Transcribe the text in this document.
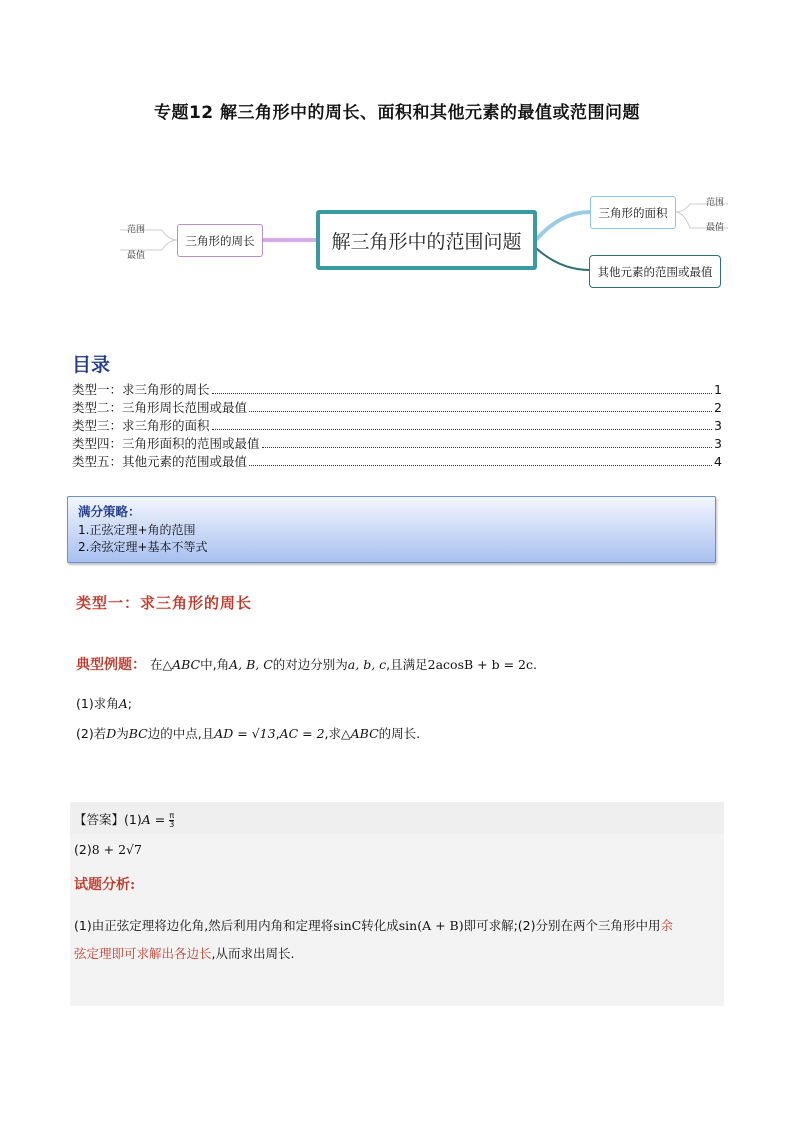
专题12 解三角形中的周长、面积和其他元素的最值或范围问题
范围
最值
三角形的周长	解三角形中的范围问题
三角形的面积
范围
最值
其他元素的范围或最值
目录
类型一：求三角形的周长	1
类型二：三角形周长范围或最值	2
类型三：求三角形的面积	3
类型四：三角形面积的范围或最值	3
类型五：其他元素的范围或最值	4
满分策略：
1.正弦定理+角的范围
2.余弦定理+基本不等式
类型一：求三角形的周长
典型例题： 在△ABC中,角A, B, C的对边分别为a, b, c,且满足2acosB + b = 2c.
(1)求角A;
(2)若D为BC边的中点,且AD = √13,AC = 2,求△ABC的周长.
【答案】$(1)A = \frac{\pi}{3}$
(2)8 + 2√7
试题分析:
(1)由正弦定理将边化角,然后利用内角和定理将sinC转化成sin(A + B)即可求解;(2)分别在两个三角形中用余
弦定理即可求解出各边长,从而求出周长.
